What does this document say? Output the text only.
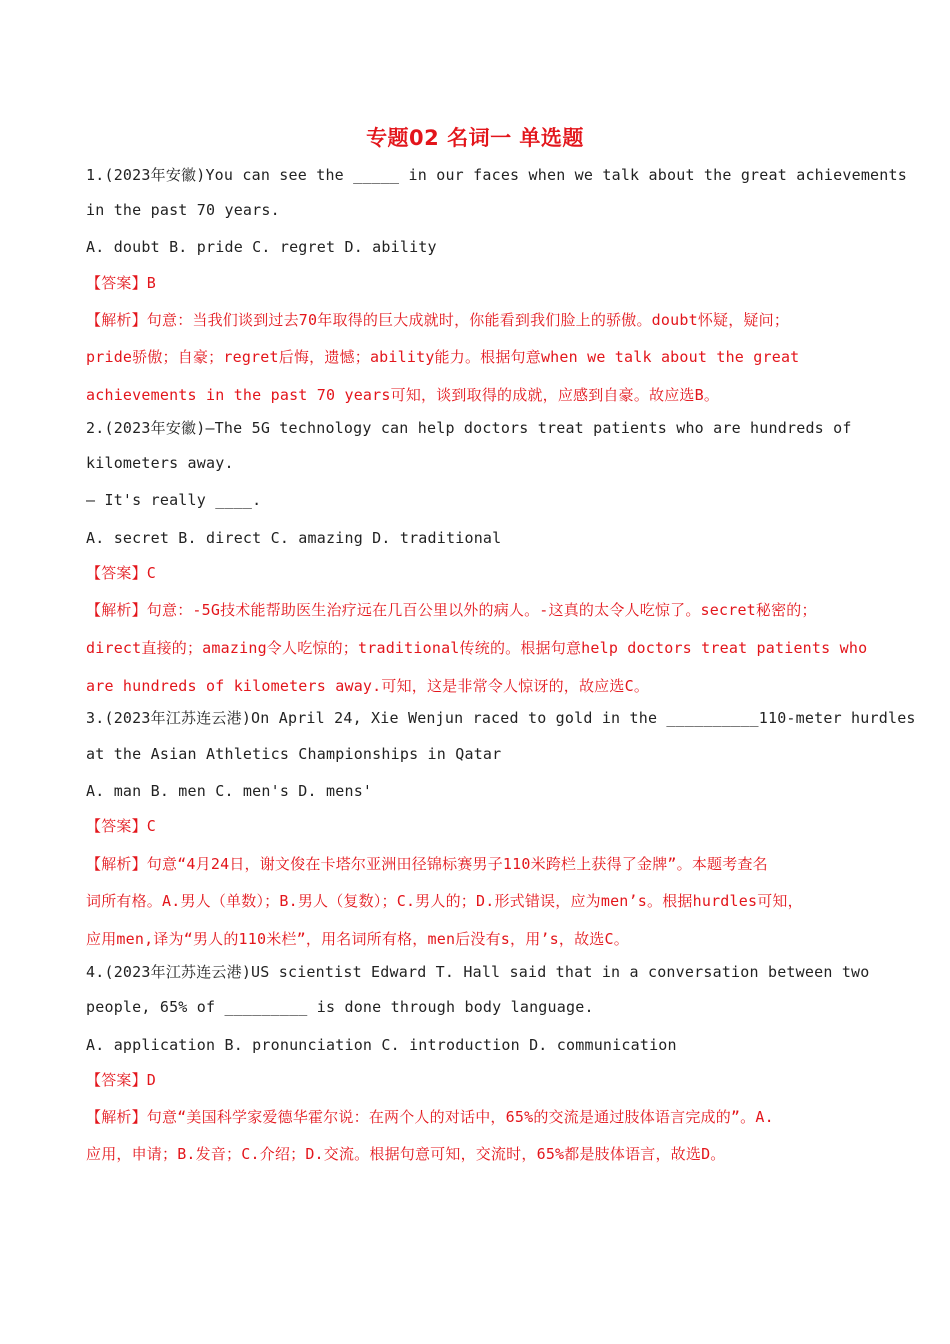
专题02 名词一 单选题
1.(2023年安徽)You can see the _____ in our faces when we talk about the great achievements
in the past 70 years.
A. doubt B. pride C. regret D. ability
【答案】B
【解析】句意：当我们谈到过去70年取得的巨大成就时，你能看到我们脸上的骄傲。doubt怀疑，疑问；
pride骄傲；自豪；regret后悔，遗憾；ability能力。根据句意when we talk about the great
achievements in the past 70 years可知，谈到取得的成就，应感到自豪。故应选B。
2.(2023年安徽)—The 5G technology can help doctors treat patients who are hundreds of
kilometers away.
— It's really ____.
A. secret B. direct C. amazing D. traditional
【答案】C
【解析】句意：-5G技术能帮助医生治疗远在几百公里以外的病人。-这真的太令人吃惊了。secret秘密的；
direct直接的；amazing令人吃惊的；traditional传统的。根据句意help doctors treat patients who
are hundreds of kilometers away.可知，这是非常令人惊讶的，故应选C。
3.(2023年江苏连云港)On April 24, Xie Wenjun raced to gold in the __________110-meter hurdles
at the Asian Athletics Championships in Qatar
A. man B. men C. men's D. mens'
【答案】C
【解析】句意“4月24日，谢文俊在卡塔尔亚洲田径锦标赛男子110米跨栏上获得了金牌”。本题考查名
词所有格。A.男人（单数）；B.男人（复数）；C.男人的；D.形式错误，应为men’s。根据hurdles可知，
应用men,译为“男人的110米栏”，用名词所有格，men后没有s，用’s，故选C。
4.(2023年江苏连云港)US scientist Edward T. Hall said that in a conversation between two
people, 65% of _________ is done through body language.
A. application B. pronunciation C. introduction D. communication
【答案】D
【解析】句意“美国科学家爱德华霍尔说：在两个人的对话中，65%的交流是通过肢体语言完成的”。A.
应用，申请；B.发音；C.介绍；D.交流。根据句意可知，交流时，65%都是肢体语言，故选D。
